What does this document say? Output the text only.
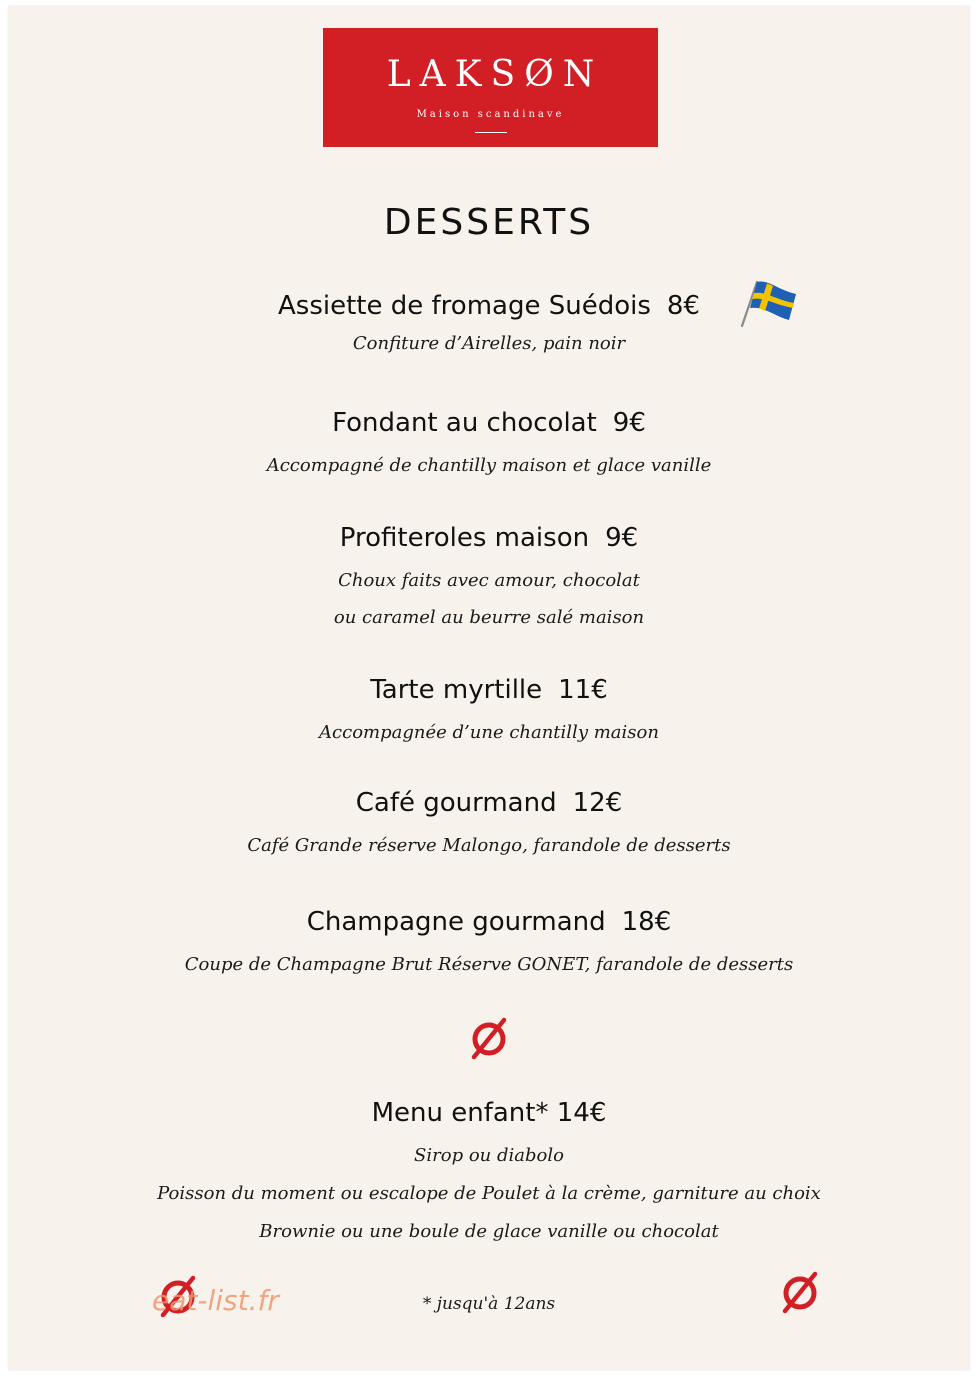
LAKSØN
Maison scandinave
DESSERTS
Assiette de fromage Suédois 8€
Confiture d’Airelles, pain noir
Fondant au chocolat 9€
Accompagné de chantilly maison et glace vanille
Profiteroles maison 9€
Choux faits avec amour, chocolat
ou caramel au beurre salé maison
Tarte myrtille 11€
Accompagnée d’une chantilly maison
Café gourmand 12€
Café Grande réserve Malongo, farandole de desserts
Champagne gourmand 18€
Coupe de Champagne Brut Réserve GONET, farandole de desserts
Menu enfant* 14€
Sirop ou diabolo
Poisson du moment ou escalope de Poulet à la crème, garniture au choix
Brownie ou une boule de glace vanille ou chocolat
eat-list.fr	* jusqu'à 12ans
